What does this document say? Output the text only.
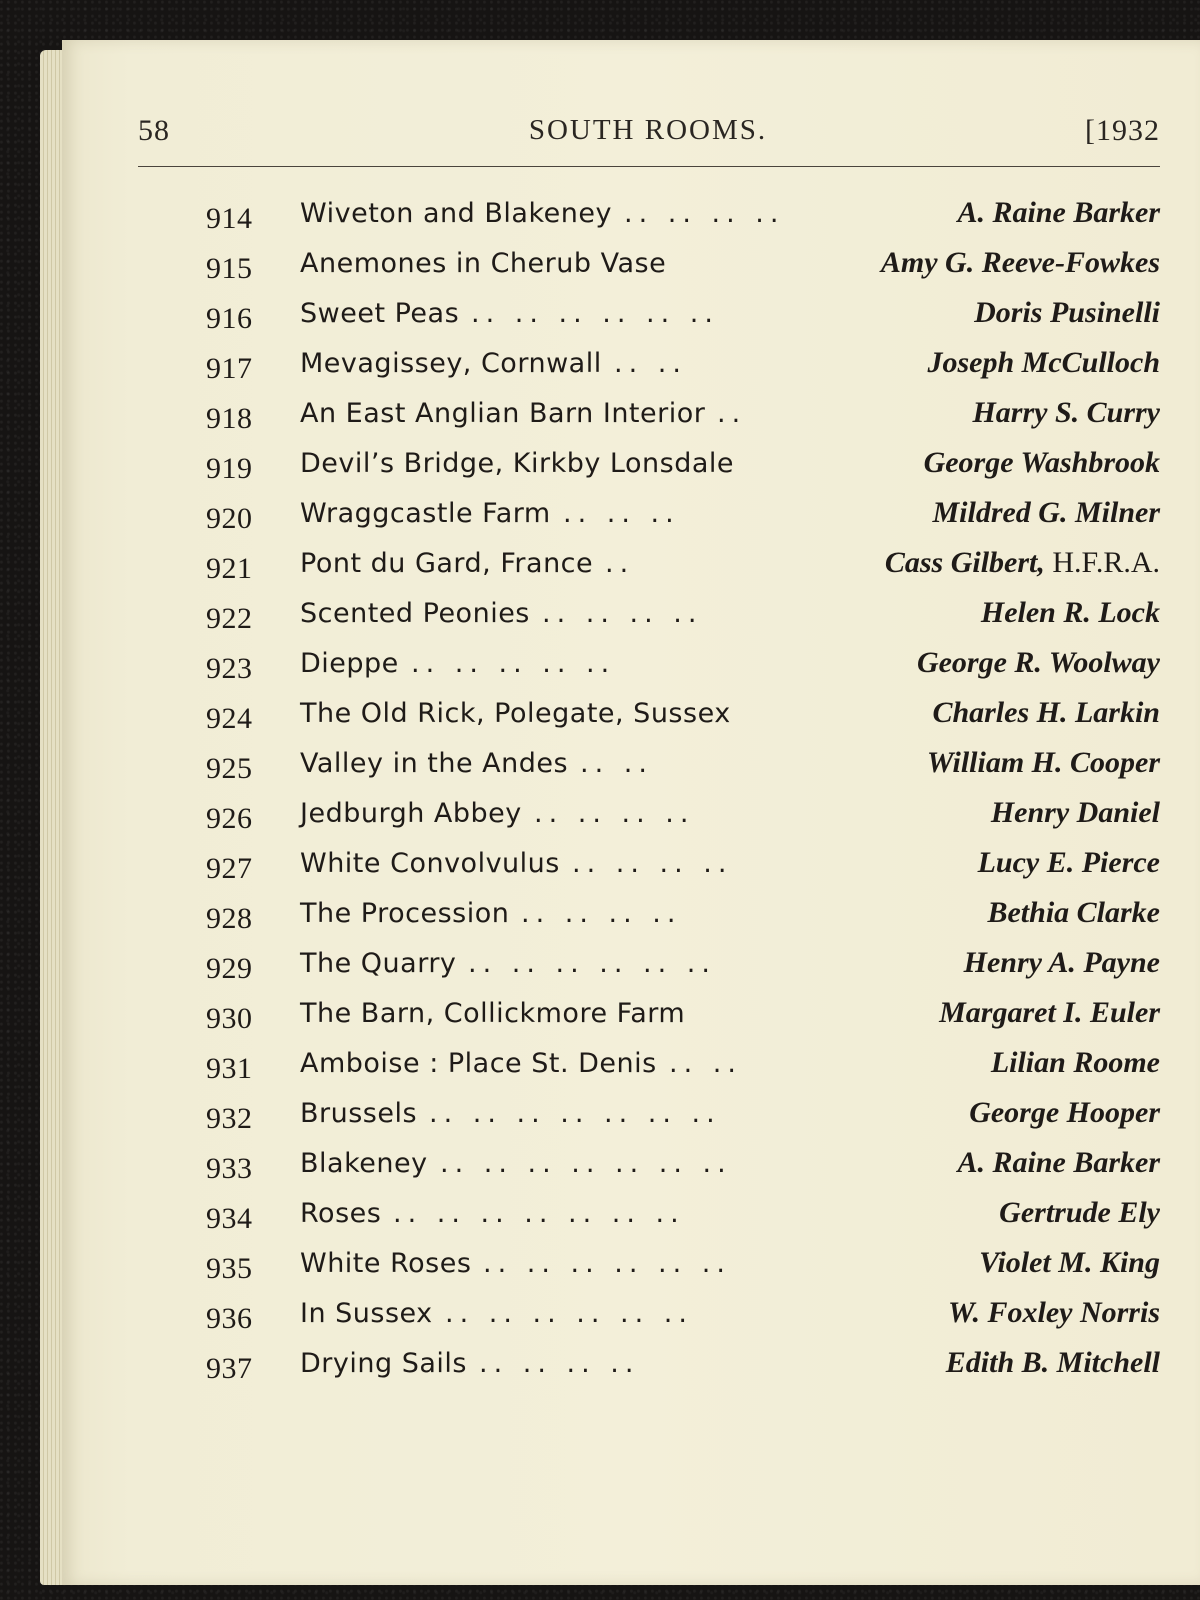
58	SOUTH ROOMS.	[1932
914 Wiveton and Blakeney .. .. .. ..	A. Raine Barker
915 Anemones in Cherub Vase	Amy G. Reeve-Fowkes
916 Sweet Peas .. .. .. .. .. ..	Doris Pusinelli
917 Mevagissey, Cornwall .. ..	Joseph McCulloch
918 An East Anglian Barn Interior ..	Harry S. Curry
919 Devil’s Bridge, Kirkby Lonsdale	George Washbrook
920 Wraggcastle Farm .. .. ..	Mildred G. Milner
921 Pont du Gard, France ..	Cass Gilbert, H.F.R.A.
922 Scented Peonies .. .. .. ..	Helen R. Lock
923 Dieppe .. .. .. .. ..	George R. Woolway
924 The Old Rick, Polegate, Sussex	Charles H. Larkin
925 Valley in the Andes .. ..	William H. Cooper
926 Jedburgh Abbey .. .. .. ..	Henry Daniel
927 White Convolvulus .. .. .. ..	Lucy E. Pierce
928 The Procession .. .. .. ..	Bethia Clarke
929 The Quarry .. .. .. .. .. ..	Henry A. Payne
930 The Barn, Collickmore Farm	Margaret I. Euler
931 Amboise : Place St. Denis .. ..	Lilian Roome
932 Brussels .. .. .. .. .. .. ..	George Hooper
933 Blakeney .. .. .. .. .. .. ..	A. Raine Barker
934 Roses .. .. .. .. .. .. ..	Gertrude Ely
935 White Roses .. .. .. .. .. ..	Violet M. King
936 In Sussex .. .. .. .. .. ..	W. Foxley Norris
937 Drying Sails .. .. .. ..	Edith B. Mitchell
